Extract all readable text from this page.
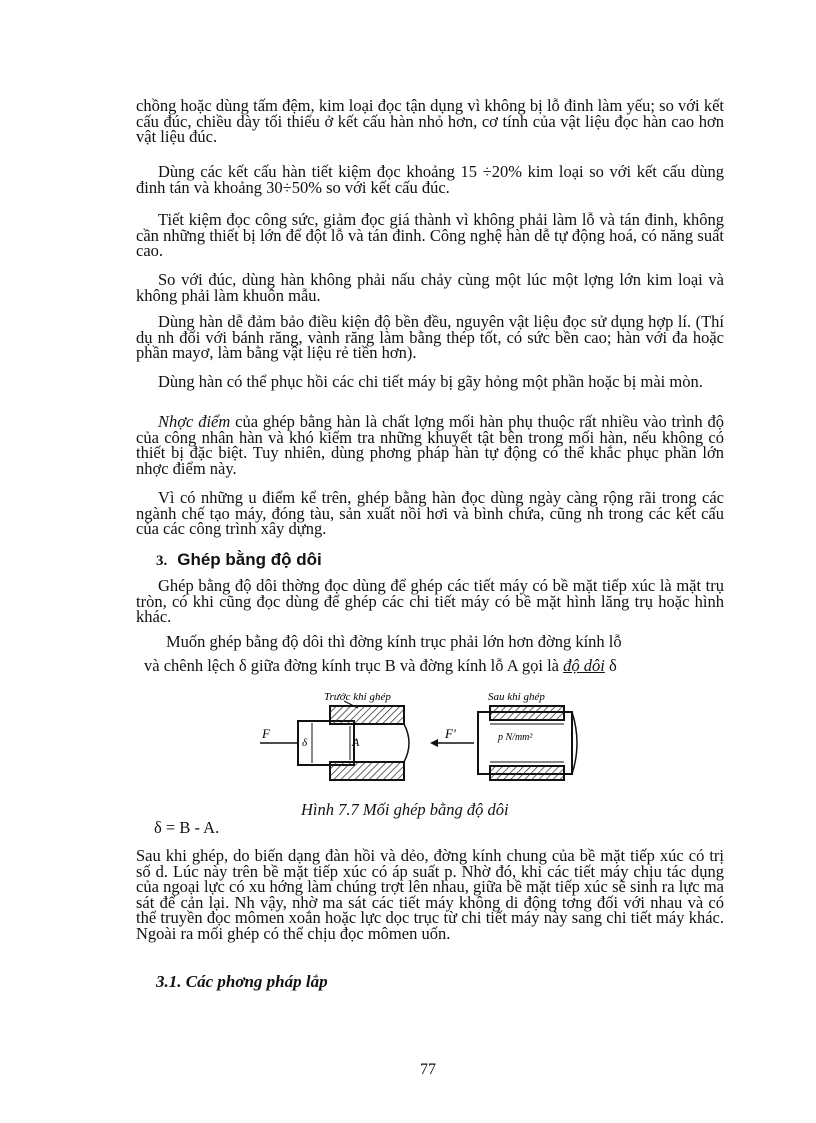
chồng hoặc dùng tấm đệm, kim loại đọc tận dụng vì không bị lỗ đinh làm yếu; so với kết cấu đúc, chiều dày tối thiểu ở kết cấu hàn nhỏ hơn, cơ tính của vật liệu đọc hàn cao hơn vật liệu đúc.

Dùng các kết cấu hàn tiết kiệm đọc khoảng 15 ÷20% kim loại so với kết cấu dùng đinh tán và khoảng 30÷50% so với kết cấu đúc.

Tiết kiệm đọc công sức, giảm đọc giá thành vì không phải làm lỗ và tán đinh, không cần những thiết bị lớn để đột lỗ và tán đinh. Công nghệ hàn dễ tự động hoá, có năng suất cao.

So với đúc, dùng hàn không phải nấu chảy cùng một lúc một lợng lớn kim loại và không phải làm khuôn mẫu.

Dùng hàn dễ đảm bảo điều kiện độ bền đều, nguyên vật liệu đọc sử dụng hợp lí. (Thí dụ nh đối với bánh răng, vành răng làm bằng thép tốt, có sức bền cao; hàn với đa hoặc phần mayơ, làm bằng vật liệu rẻ tiền hơn).

Dùng hàn có thể phục hồi các chi tiết máy bị gãy hỏng một phần hoặc bị mài mòn.

Nhợc điểm của ghép bằng hàn là chất lợng mối hàn phụ thuộc rất nhiều vào trình độ của công nhân hàn và khó kiểm tra những khuyết tật bên trong mối hàn, nếu không có thiết bị đặc biệt. Tuy nhiên, dùng phơng pháp hàn tự động có thể khắc phục phần lớn nhợc điểm này.

Vì có những u điểm kể trên, ghép bằng hàn đọc dùng ngày càng rộng rãi trong các ngành chế tạo máy, đóng tàu, sản xuất nồi hơi và bình chứa, cũng nh trong các kết cấu của các công trình xây dựng.

3. Ghép bằng độ dôi

Ghép bằng độ dôi thờng đọc dùng để ghép các tiết máy có bề mặt tiếp xúc là mặt trụ tròn, có khi cũng đọc dùng để ghép các chi tiết máy có bề mặt hình lăng trụ hoặc hình khác.

Muốn ghép bằng độ dôi thì đờng kính trục phải lớn hơn đờng kính lỗ

và chênh lệch δ giữa đờng kính trục B và đờng kính lỗ A gọi là độ dôi δ

F
δ	A
Trước khi ghép
F'	p N/mm²
Sau khi ghép

Hình 7.7 Mối ghép bằng độ dôi

δ = B - A.

Sau khi ghép, do biến dạng đàn hồi và dẻo, đờng kính chung của bề mặt tiếp xúc có trị số d. Lúc này trên bề mặt tiếp xúc có áp suất p. Nhờ đó, khi các tiết máy chịu tác dụng của ngoại lực có xu hớng làm chúng trợt lên nhau, giữa bề mặt tiếp xúc sẽ sinh ra lực ma sát để cản lại. Nh vậy, nhờ ma sát các tiết máy không di động tơng đối với nhau và có thể truyền đọc mômen xoắn hoặc lực dọc trục từ chi tiết máy này sang chi tiết máy khác. Ngoài ra mối ghép có thể chịu đọc mômen uốn.

3.1. Các phơng pháp lắp

77
